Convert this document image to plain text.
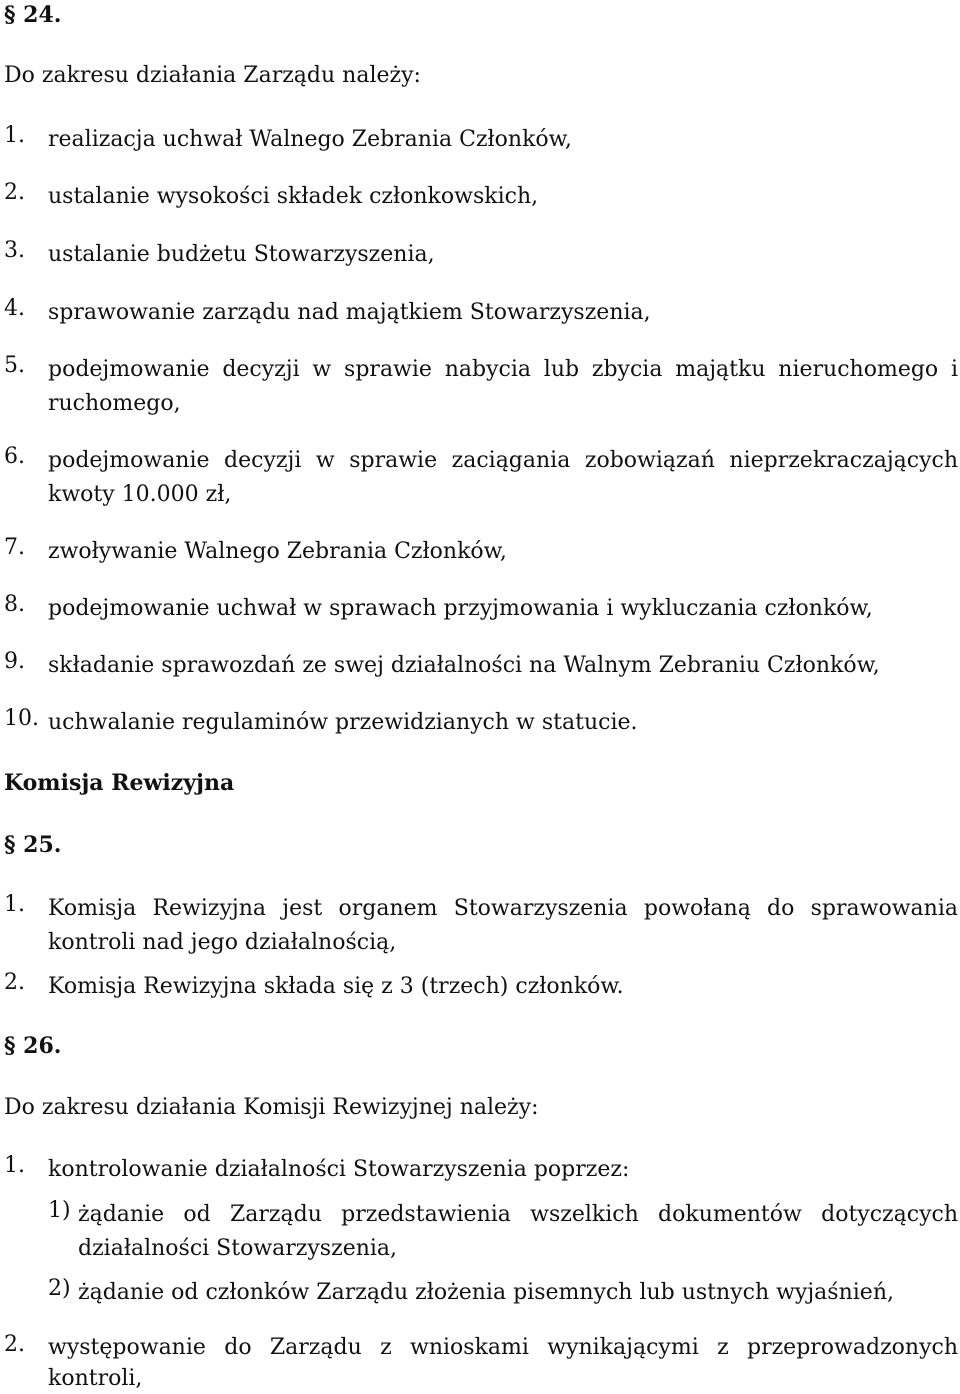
§ 24.
Do zakresu działania Zarządu należy:
1. realizacja uchwał Walnego Zebrania Członków,
2. ustalanie wysokości składek członkowskich,
3. ustalanie budżetu Stowarzyszenia,
4. sprawowanie zarządu nad majątkiem Stowarzyszenia,
5. podejmowanie decyzji w sprawie nabycia lub zbycia majątku nieruchomego i ruchomego,
6. podejmowanie decyzji w sprawie zaciągania zobowiązań nieprzekraczających kwoty 10.000 zł,
7. zwoływanie Walnego Zebrania Członków,
8. podejmowanie uchwał w sprawach przyjmowania i wykluczania członków,
9. składanie sprawozdań ze swej działalności na Walnym Zebraniu Członków,
10. uchwalanie regulaminów przewidzianych w statucie.
Komisja Rewizyjna
§ 25.
1. Komisja Rewizyjna jest organem Stowarzyszenia powołaną do sprawowania kontroli nad jego działalnością,
2. Komisja Rewizyjna składa się z 3 (trzech) członków.
§ 26.
Do zakresu działania Komisji Rewizyjnej należy:
1. kontrolowanie działalności Stowarzyszenia poprzez:
1) żądanie od Zarządu przedstawienia wszelkich dokumentów dotyczących działalności Stowarzyszenia,
2) żądanie od członków Zarządu złożenia pisemnych lub ustnych wyjaśnień,
2. występowanie do Zarządu z wnioskami wynikającymi z przeprowadzonych kontroli,
